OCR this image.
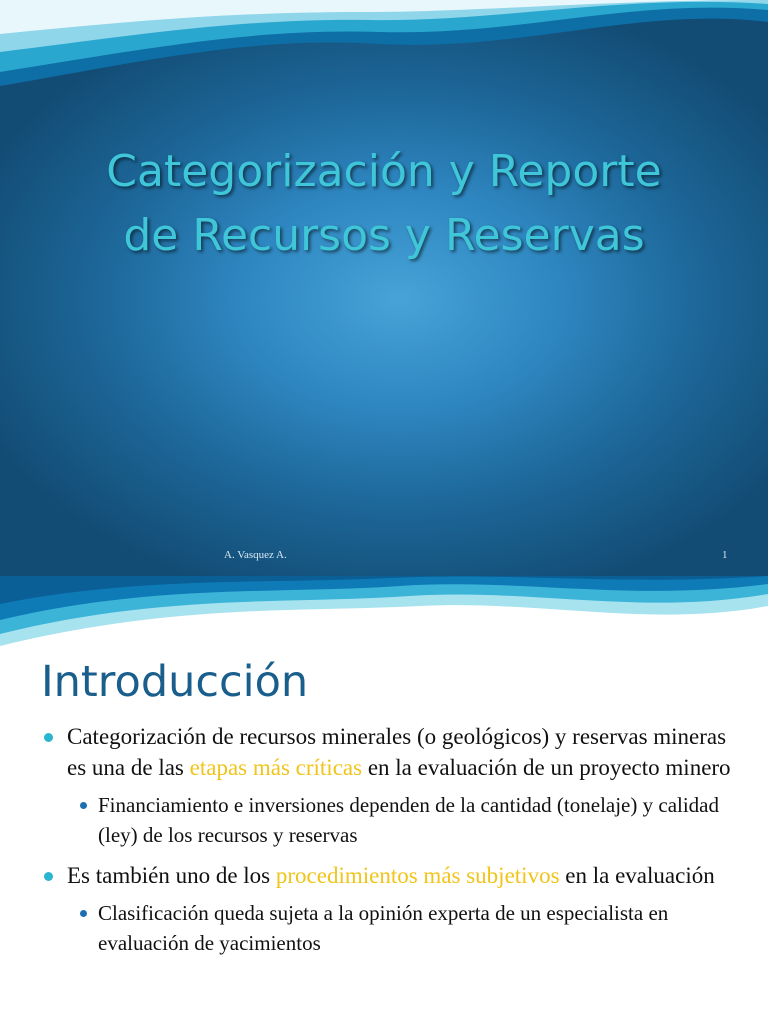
Categorización y Reporte
de Recursos y Reservas
A. Vasquez A.	1
Introducción
Categorización de recursos minerales (o geológicos) y reservas mineras es una de las etapas más críticas en la evaluación de un proyecto minero
Financiamiento e inversiones dependen de la cantidad (tonelaje) y calidad (ley) de los recursos y reservas
Es también uno de los procedimientos más subjetivos en la evaluación
Clasificación queda sujeta a la opinión experta de un especialista en evaluación de yacimientos
